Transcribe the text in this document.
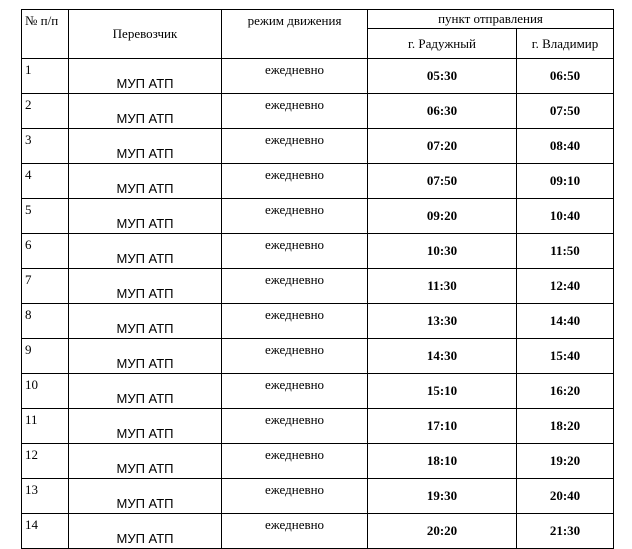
№ п/п	Перевозчик	режим движения	пункт отправления	
			г. Радужный	г. Владимир
1	МУП АТП	ежедневно	05:30	06:50
2	МУП АТП	ежедневно	06:30	07:50
3	МУП АТП	ежедневно	07:20	08:40
4	МУП АТП	ежедневно	07:50	09:10
5	МУП АТП	ежедневно	09:20	10:40
6	МУП АТП	ежедневно	10:30	11:50
7	МУП АТП	ежедневно	11:30	12:40
8	МУП АТП	ежедневно	13:30	14:40
9	МУП АТП	ежедневно	14:30	15:40
10	МУП АТП	ежедневно	15:10	16:20
11	МУП АТП	ежедневно	17:10	18:20
12	МУП АТП	ежедневно	18:10	19:20
13	МУП АТП	ежедневно	19:30	20:40
14	МУП АТП	ежедневно	20:20	21:30
